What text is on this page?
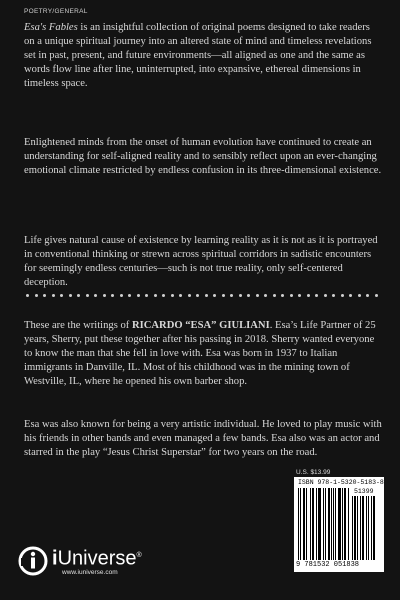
POETRY/GENERAL

Esa's Fables is an insightful collection of original poems designed to take readers on a unique spiritual journey into an altered state of mind and timeless revelations set in past, present, and future environments—all aligned as one and the same as words flow line after line, uninterrupted, into expansive, ethereal dimensions in timeless space.

Enlightened minds from the onset of human evolution have continued to create an understanding for self-aligned reality and to sensibly reflect upon an ever-changing emotional climate restricted by endless confusion in its three-dimensional existence.

Life gives natural cause of existence by learning reality as it is not as it is portrayed in conventional thinking or strewn across spiritual corridors in sadistic encounters for seemingly endless centuries—such is not true reality, only self-centered deception.

These are the writings of RICARDO “ESA” GIULIANI. Esa’s Life Partner of 25 years, Sherry, put these together after his passing in 2018. Sherry wanted everyone to know the man that she fell in love with. Esa was born in 1937 to Italian immigrants in Danville, IL. Most of his childhood was in the mining town of Westville, IL, where he opened his own barber shop.

Esa was also known for being a very artistic individual. He loved to play music with his friends in other bands and even managed a few bands. Esa also was an actor and starred in the play “Jesus Christ Superstar” for two years on the road.

U.S. $13.99
ISBN 978-1-5320-5183-8
51399
9 781532 051838
iUniverse®
www.iuniverse.com
